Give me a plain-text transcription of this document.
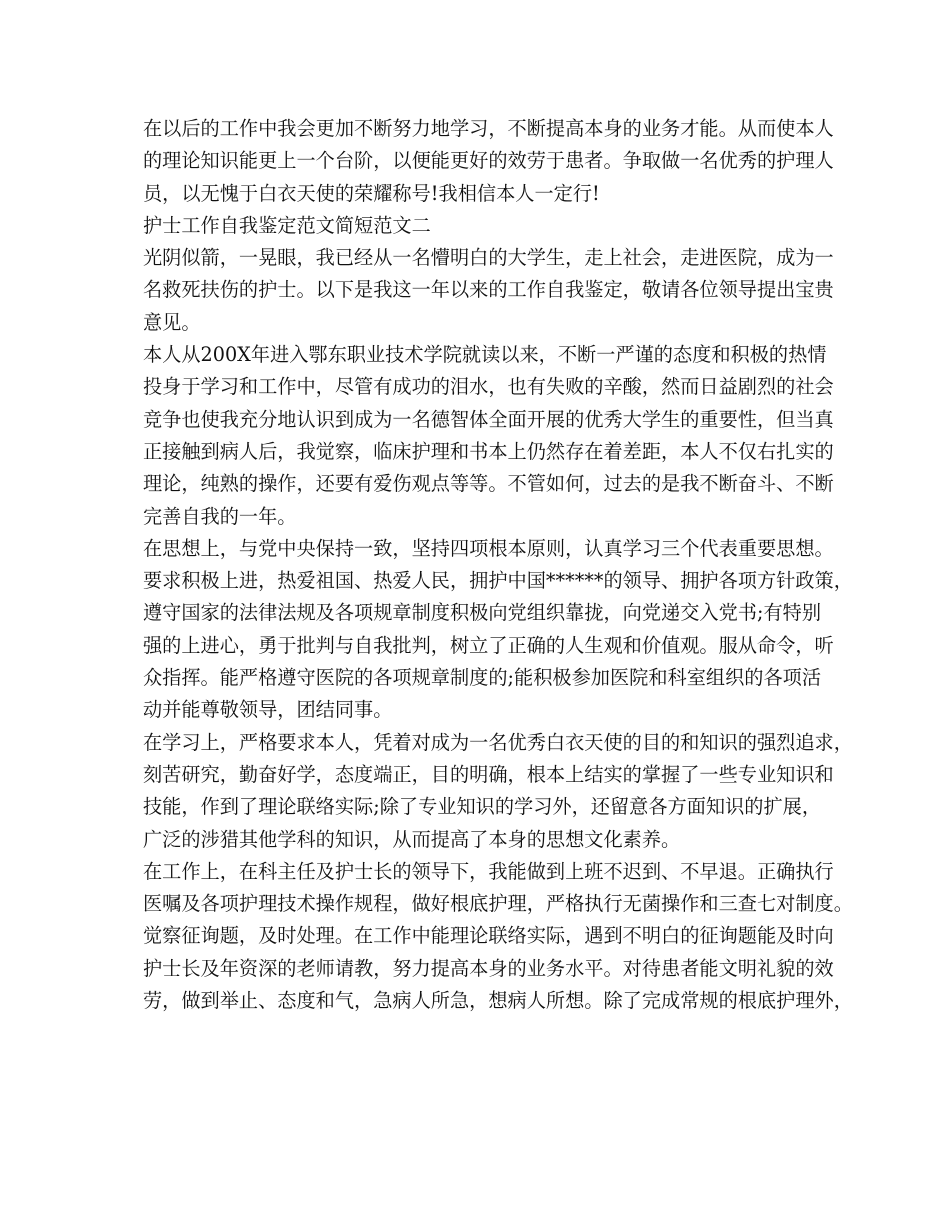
在以后的工作中我会更加不断努力地学习，不断提高本身的业务才能。从而使本人

的理论知识能更上一个台阶，以便能更好的效劳于患者。争取做一名优秀的护理人

员，以无愧于白衣天使的荣耀称号!我相信本人一定行!

护士工作自我鉴定范文简短范文二

光阴似箭，一晃眼，我已经从一名懵明白的大学生，走上社会，走进医院，成为一

名救死扶伤的护士。以下是我这一年以来的工作自我鉴定，敬请各位领导提出宝贵

意见。

本人从200X年进入鄂东职业技术学院就读以来，不断一严谨的态度和积极的热情

投身于学习和工作中，尽管有成功的泪水，也有失败的辛酸，然而日益剧烈的社会

竞争也使我充分地认识到成为一名德智体全面开展的优秀大学生的重要性，但当真

正接触到病人后，我觉察，临床护理和书本上仍然存在着差距，本人不仅右扎实的

理论，纯熟的操作，还要有爱伤观点等等。不管如何，过去的是我不断奋斗、不断

完善自我的一年。

在思想上，与党中央保持一致，坚持四项根本原则，认真学习三个代表重要思想。

要求积极上进，热爱祖国、热爱人民，拥护中国******的领导、拥护各项方针政策，

遵守国家的法律法规及各项规章制度积极向党组织靠拢，向党递交入党书;有特别

强的上进心，勇于批判与自我批判，树立了正确的人生观和价值观。服从命令，听

众指挥。能严格遵守医院的各项规章制度的;能积极参加医院和科室组织的各项活

动并能尊敬领导，团结同事。

在学习上，严格要求本人，凭着对成为一名优秀白衣天使的目的和知识的强烈追求，

刻苦研究，勤奋好学，态度端正，目的明确，根本上结实的掌握了一些专业知识和

技能，作到了理论联络实际;除了专业知识的学习外，还留意各方面知识的扩展，

广泛的涉猎其他学科的知识，从而提高了本身的思想文化素养。

在工作上，在科主任及护士长的领导下，我能做到上班不迟到、不早退。正确执行

医嘱及各项护理技术操作规程，做好根底护理，严格执行无菌操作和三查七对制度。

觉察征询题，及时处理。在工作中能理论联络实际，遇到不明白的征询题能及时向

护士长及年资深的老师请教，努力提高本身的业务水平。对待患者能文明礼貌的效

劳，做到举止、态度和气，急病人所急，想病人所想。除了完成常规的根底护理外，
